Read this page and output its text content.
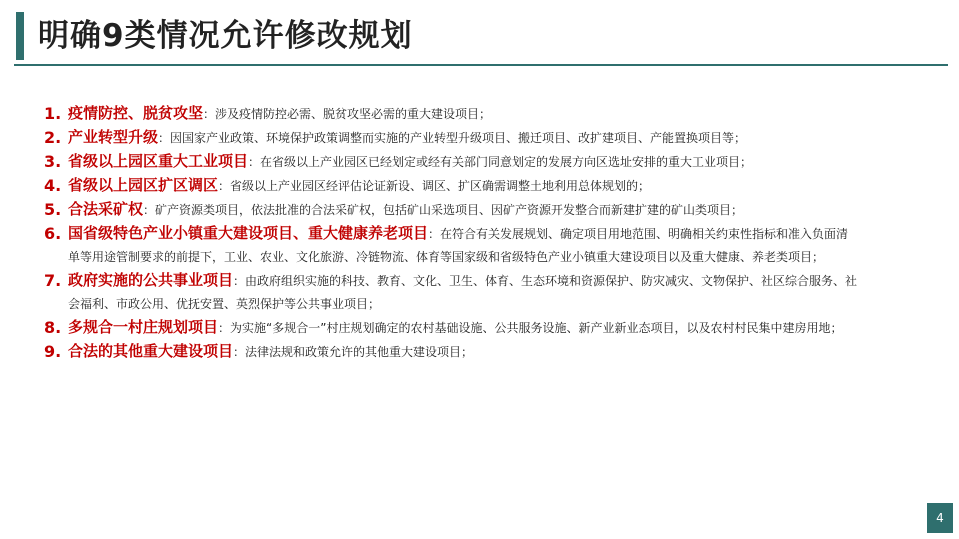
明确9类情况允许修改规划
1. 疫情防控、脱贫攻坚：涉及疫情防控必需、脱贫攻坚必需的重大建设项目；
2. 产业转型升级：因国家产业政策、环境保护政策调整而实施的产业转型升级项目、搬迁项目、改扩建项目、产能置换项目等；
3. 省级以上园区重大工业项目：在省级以上产业园区已经划定或经有关部门同意划定的发展方向区选址安排的重大工业项目；
4. 省级以上园区扩区调区：省级以上产业园区经评估论证新设、调区、扩区确需调整土地利用总体规划的；
5. 合法采矿权：矿产资源类项目，依法批准的合法采矿权，包括矿山采选项目、因矿产资源开发整合而新建扩建的矿山类项目；
6. 国省级特色产业小镇重大建设项目、重大健康养老项目：在符合有关发展规划、确定项目用地范围、明确相关约束性指标和准入负面清单等用途管制要求的前提下，工业、农业、文化旅游、冷链物流、体育等国家级和省级特色产业小镇重大建设项目以及重大健康、养老类项目；
7. 政府实施的公共事业项目：由政府组织实施的科技、教育、文化、卫生、体育、生态环境和资源保护、防灾减灾、文物保护、社区综合服务、社会福利、市政公用、优抚安置、英烈保护等公共事业项目；
8. 多规合一村庄规划项目：为实施“多规合一”村庄规划确定的农村基础设施、公共服务设施、新产业新业态项目，以及农村村民集中建房用地；
9. 合法的其他重大建设项目：法律法规和政策允许的其他重大建设项目；
4
